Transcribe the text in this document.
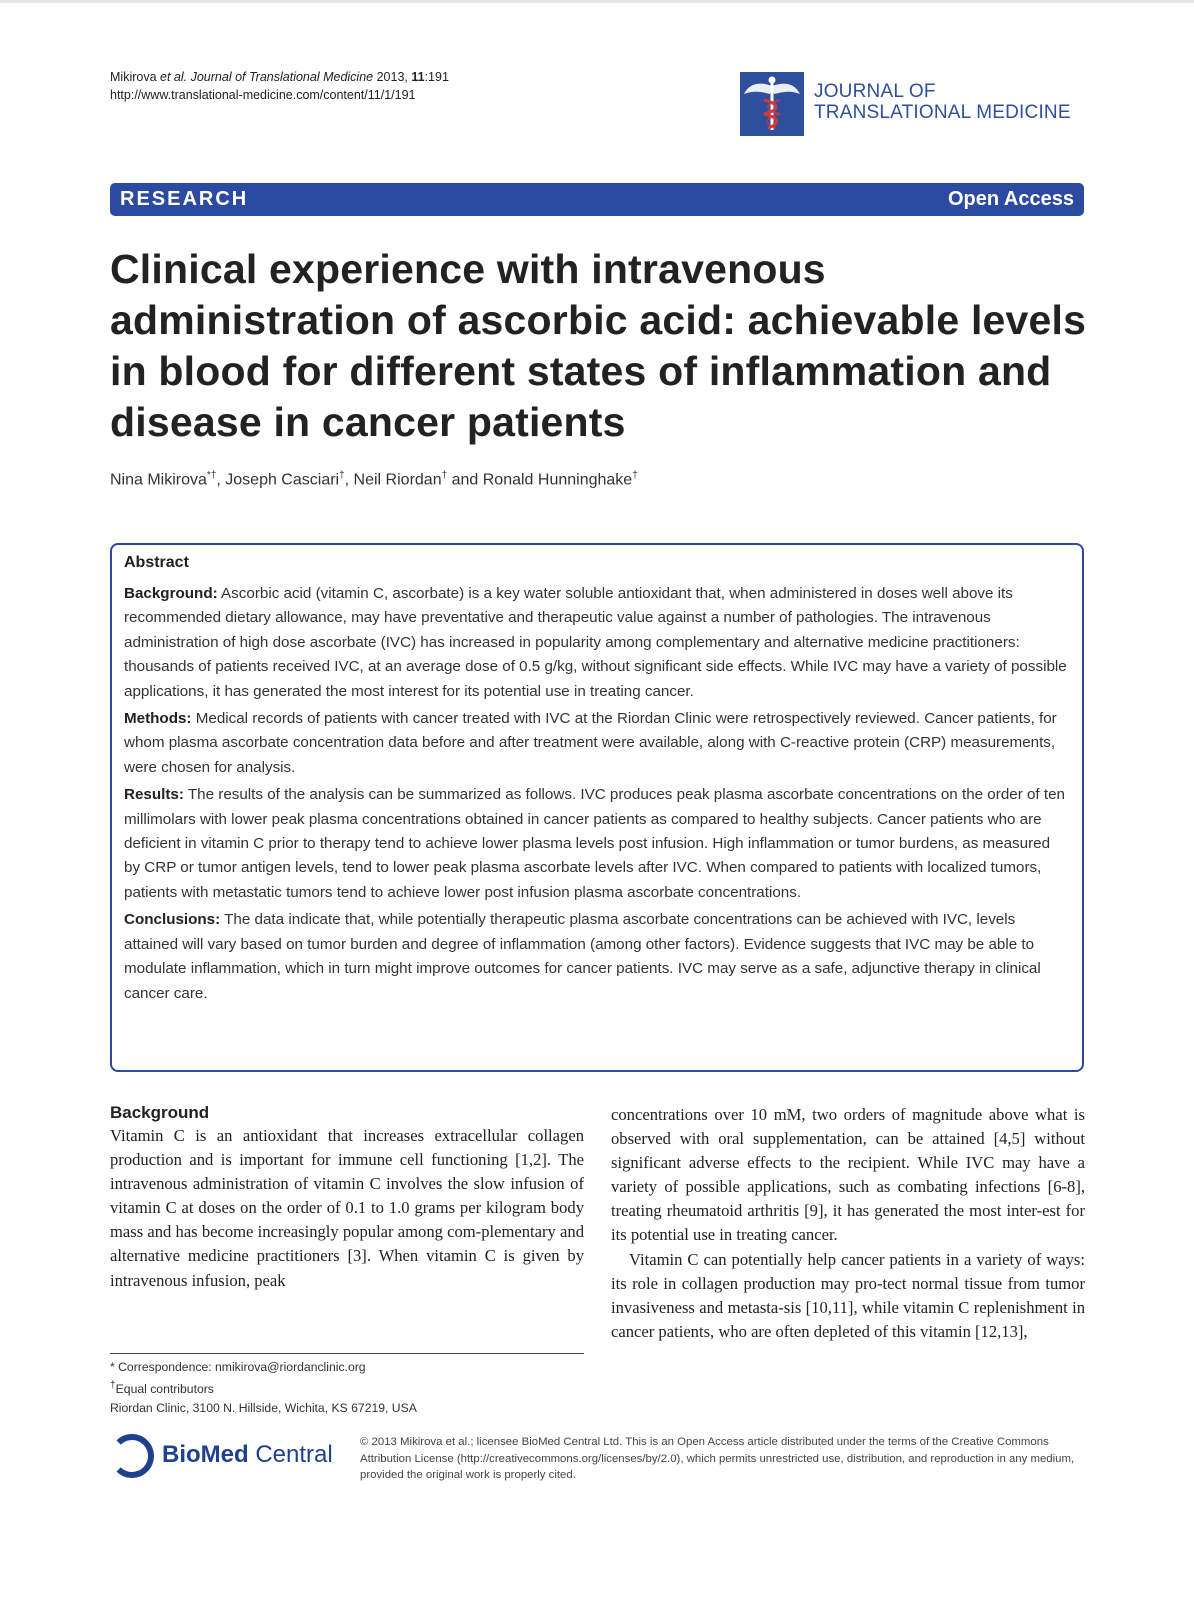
Mikirova et al. Journal of Translational Medicine 2013, 11:191
http://www.translational-medicine.com/content/11/1/191	JOURNAL OF
TRANSLATIONAL MEDICINE
RESEARCH	Open Access
Clinical experience with intravenous administration of ascorbic acid: achievable levels in blood for different states of inflammation and disease in cancer patients
Nina Mikirova*†, Joseph Casciari†, Neil Riordan† and Ronald Hunninghake†
Abstract

Background: Ascorbic acid (vitamin C, ascorbate) is a key water soluble antioxidant that, when administered in doses well above its recommended dietary allowance, may have preventative and therapeutic value against a number of pathologies. The intravenous administration of high dose ascorbate (IVC) has increased in popularity among complementary and alternative medicine practitioners: thousands of patients received IVC, at an average dose of 0.5 g/kg, without significant side effects. While IVC may have a variety of possible applications, it has generated the most interest for its potential use in treating cancer.

Methods: Medical records of patients with cancer treated with IVC at the Riordan Clinic were retrospectively reviewed. Cancer patients, for whom plasma ascorbate concentration data before and after treatment were available, along with C-reactive protein (CRP) measurements, were chosen for analysis.

Results: The results of the analysis can be summarized as follows. IVC produces peak plasma ascorbate concentrations on the order of ten millimolars with lower peak plasma concentrations obtained in cancer patients as compared to healthy subjects. Cancer patients who are deficient in vitamin C prior to therapy tend to achieve lower plasma levels post infusion. High inflammation or tumor burdens, as measured by CRP or tumor antigen levels, tend to lower peak plasma ascorbate levels after IVC. When compared to patients with localized tumors, patients with metastatic tumors tend to achieve lower post infusion plasma ascorbate concentrations.

Conclusions: The data indicate that, while potentially therapeutic plasma ascorbate concentrations can be achieved with IVC, levels attained will vary based on tumor burden and degree of inflammation (among other factors). Evidence suggests that IVC may be able to modulate inflammation, which in turn might improve outcomes for cancer patients. IVC may serve as a safe, adjunctive therapy in clinical cancer care.

Background

Vitamin C is an antioxidant that increases extracellular collagen production and is important for immune cell functioning [1,2]. The intravenous administration of vitamin C involves the slow infusion of vitamin C at doses on the order of 0.1 to 1.0 grams per kilogram body mass and has become increasingly popular among com-plementary and alternative medicine practitioners [3]. When vitamin C is given by intravenous infusion, peak

concentrations over 10 mM, two orders of magnitude above what is observed with oral supplementation, can be attained [4,5] without significant adverse effects to the recipient. While IVC may have a variety of possible applications, such as combating infections [6-8], treating rheumatoid arthritis [9], it has generated the most inter-est for its potential use in treating cancer.

Vitamin C can potentially help cancer patients in a variety of ways: its role in collagen production may pro-tect normal tissue from tumor invasiveness and metasta-sis [10,11], while vitamin C replenishment in cancer patients, who are often depleted of this vitamin [12,13],

* Correspondence: nmikirova@riordanclinic.org
†Equal contributors
Riordan Clinic, 3100 N. Hillside, Wichita, KS 67219, USA
BioMed Central © 2013 Mikirova et al.; licensee BioMed Central Ltd. This is an Open Access article distributed under the terms of the Creative Commons Attribution License (http://creativecommons.org/licenses/by/2.0), which permits unrestricted use, distribution, and reproduction in any medium, provided the original work is properly cited.
